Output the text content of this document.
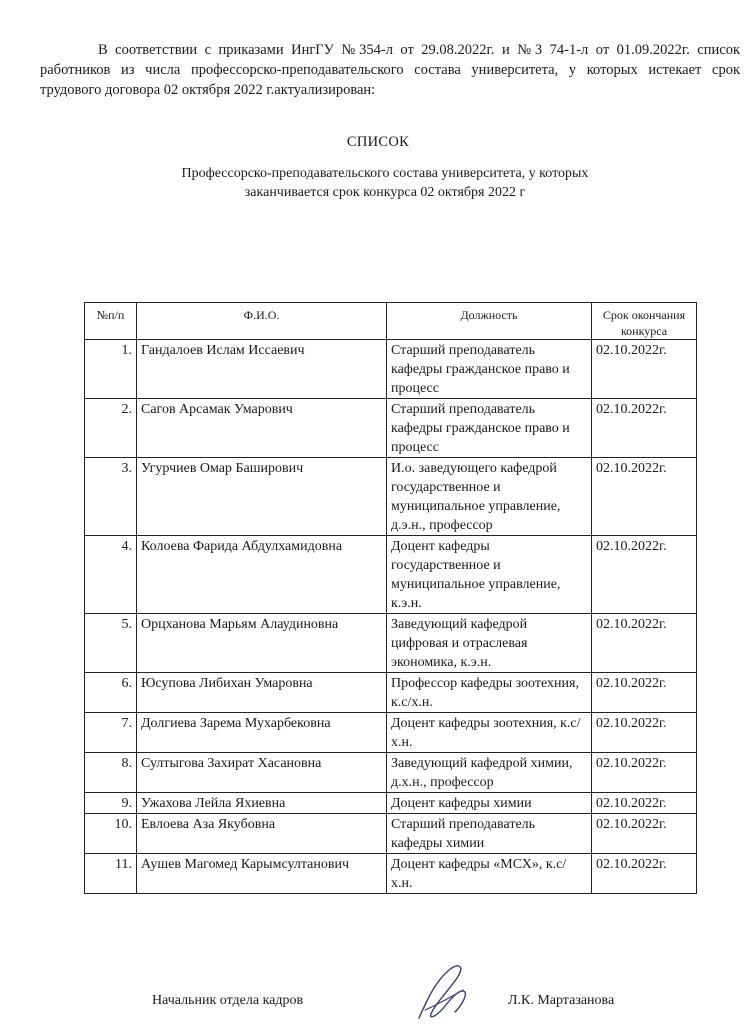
В соответствии с приказами ИнгГУ №354-л от 29.08.2022г. и №3 74-1-л от 01.09.2022г. список работников из числа профессорско-преподавательского состава университета, у которых истекает срок трудового договора 02 октября 2022 г.актуализирован:
СПИСОК
Профессорско-преподавательского состава университета, у которых
заканчивается срок конкурса 02 октября 2022 г
№п/п	Ф.И.О.	Должность	Срок окончания конкурса
1.	Гандалоев Ислам Иссаевич	Старший преподаватель кафедры гражданское право и процесс	02.10.2022г.
2.	Сагов Арсамак Умарович	Старший преподаватель кафедры гражданское право и процесс	02.10.2022г.
3.	Угурчиев Омар Баширович	И.о. заведующего кафедрой государственное и муниципальное управление, д.э.н., профессор	02.10.2022г.
4.	Колоева Фарида Абдулхамидовна	Доцент кафедры государственное и муниципальное управление, к.э.н.	02.10.2022г.
5.	Орцханова Марьям Алаудиновна	Заведующий кафедрой цифровая и отраслевая экономика, к.э.н.	02.10.2022г.
6.	Юсупова Либихан Умаровна	Профессор кафедры зоотехния, к.с/х.н.	02.10.2022г.
7.	Долгиева Зарема Мухарбековна	Доцент кафедры зоотехния, к.с/х.н.	02.10.2022г.
8.	Султыгова Захират Хасановна	Заведующий кафедрой химии, д.х.н., профессор	02.10.2022г.
9.	Ужахова Лейла Яхиевна	Доцент кафедры химии	02.10.2022г.
10.	Евлоева Аза Якубовна	Старший преподаватель кафедры химии	02.10.2022г.
11.	Аушев Магомед Карымсултанович	Доцент кафедры «МСХ», к.с/х.н.	02.10.2022г.
Начальник отдела кадров	Л.К. Мартазанова
